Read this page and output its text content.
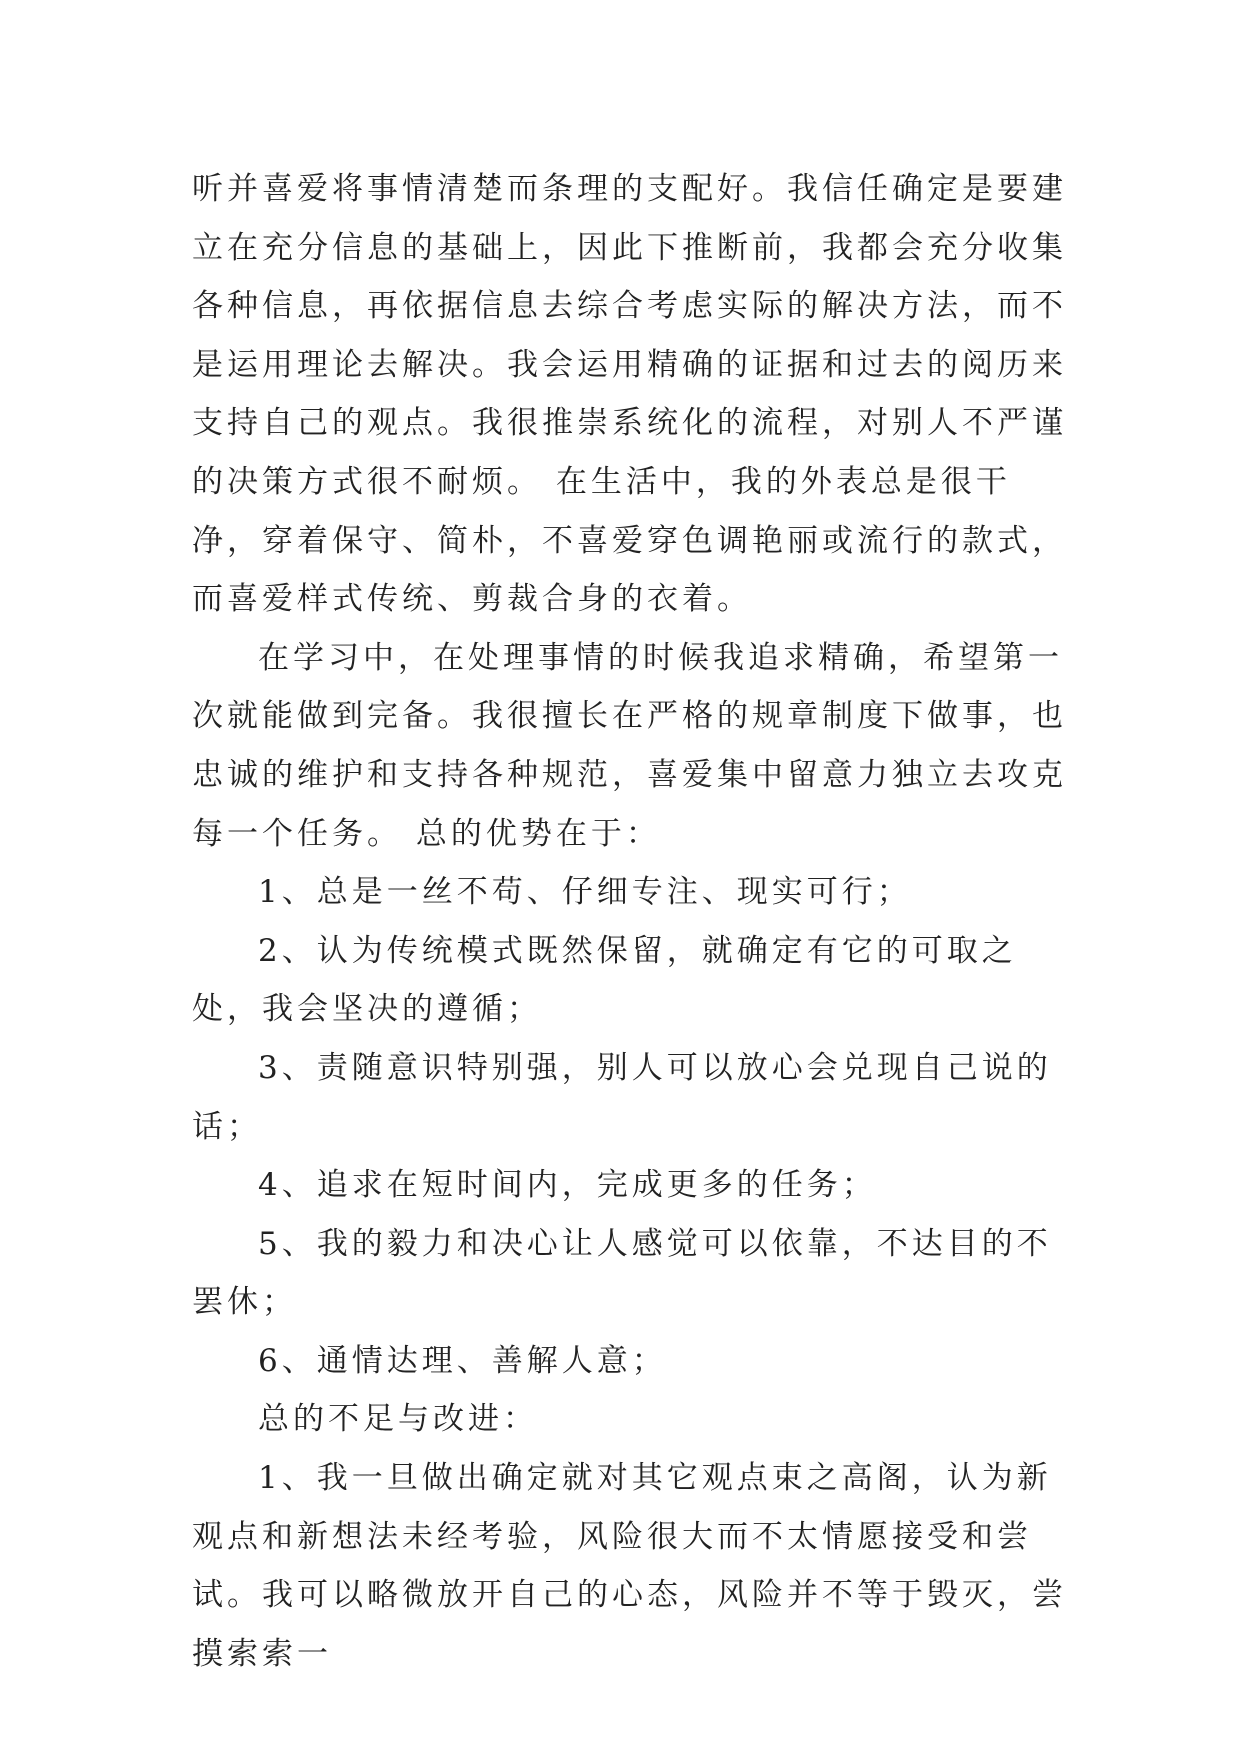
听并喜爱将事情清楚而条理的支配好。我信任确定是要建立在充分信息的基础上，因此下推断前，我都会充分收集各种信息，再依据信息去综合考虑实际的解决方法，而不是运用理论去解决。我会运用精确的证据和过去的阅历来支持自己的观点。我很推崇系统化的流程，对别人不严谨的决策方式很不耐烦。 在生活中，我的外表总是很干净，穿着保守、简朴，不喜爱穿色调艳丽或流行的款式，而喜爱样式传统、剪裁合身的衣着。

在学习中，在处理事情的时候我追求精确，希望第一次就能做到完备。我很擅长在严格的规章制度下做事，也忠诚的维护和支持各种规范，喜爱集中留意力独立去攻克每一个任务。 总的优势在于：

1、总是一丝不苟、仔细专注、现实可行；

2、认为传统模式既然保留，就确定有它的可取之处，我会坚决的遵循；

3、责随意识特别强，别人可以放心会兑现自己说的话；

4、追求在短时间内，完成更多的任务；

5、我的毅力和决心让人感觉可以依靠，不达目的不罢休；

6、通情达理、善解人意；

总的不足与改进：

1、我一旦做出确定就对其它观点束之高阁，认为新观点和新想法未经考验，风险很大而不太情愿接受和尝试。我可以略微放开自己的心态，风险并不等于毁灭，尝摸索索一
